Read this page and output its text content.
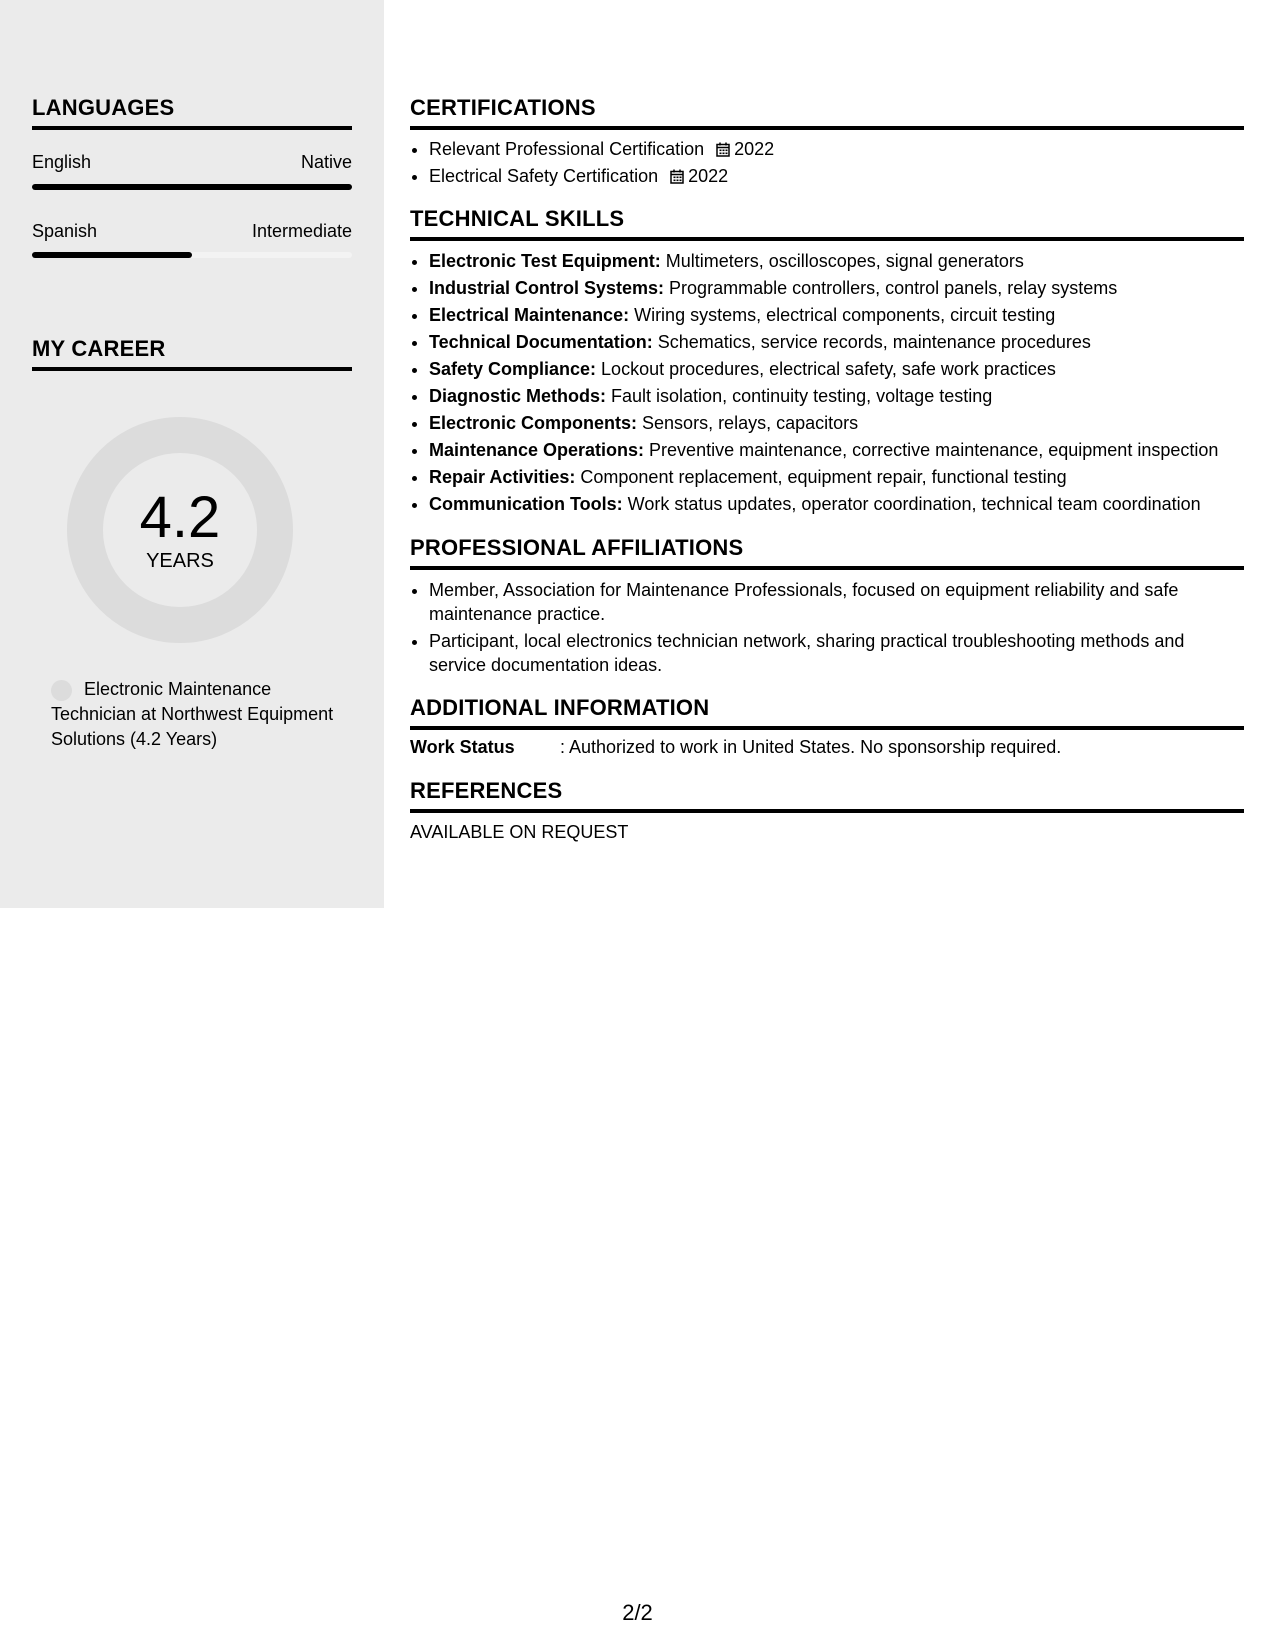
LANGUAGES
English	Native
Spanish	Intermediate
MY CAREER
4.2
YEARS
Electronic Maintenance Technician at Northwest Equipment Solutions (4.2 Years)
CERTIFICATIONS
• Relevant Professional Certification 2022
• Electrical Safety Certification 2022
TECHNICAL SKILLS
• Electronic Test Equipment: Multimeters, oscilloscopes, signal generators
• Industrial Control Systems: Programmable controllers, control panels, relay systems
• Electrical Maintenance: Wiring systems, electrical components, circuit testing
• Technical Documentation: Schematics, service records, maintenance procedures
• Safety Compliance: Lockout procedures, electrical safety, safe work practices
• Diagnostic Methods: Fault isolation, continuity testing, voltage testing
• Electronic Components: Sensors, relays, capacitors
• Maintenance Operations: Preventive maintenance, corrective maintenance, equipment inspection
• Repair Activities: Component replacement, equipment repair, functional testing
• Communication Tools: Work status updates, operator coordination, technical team coordination
PROFESSIONAL AFFILIATIONS
• Member, Association for Maintenance Professionals, focused on equipment reliability and safe maintenance practice.
• Participant, local electronics technician network, sharing practical troubleshooting methods and service documentation ideas.
ADDITIONAL INFORMATION
Work Status	: Authorized to work in United States. No sponsorship required.
REFERENCES
AVAILABLE ON REQUEST
2/2
